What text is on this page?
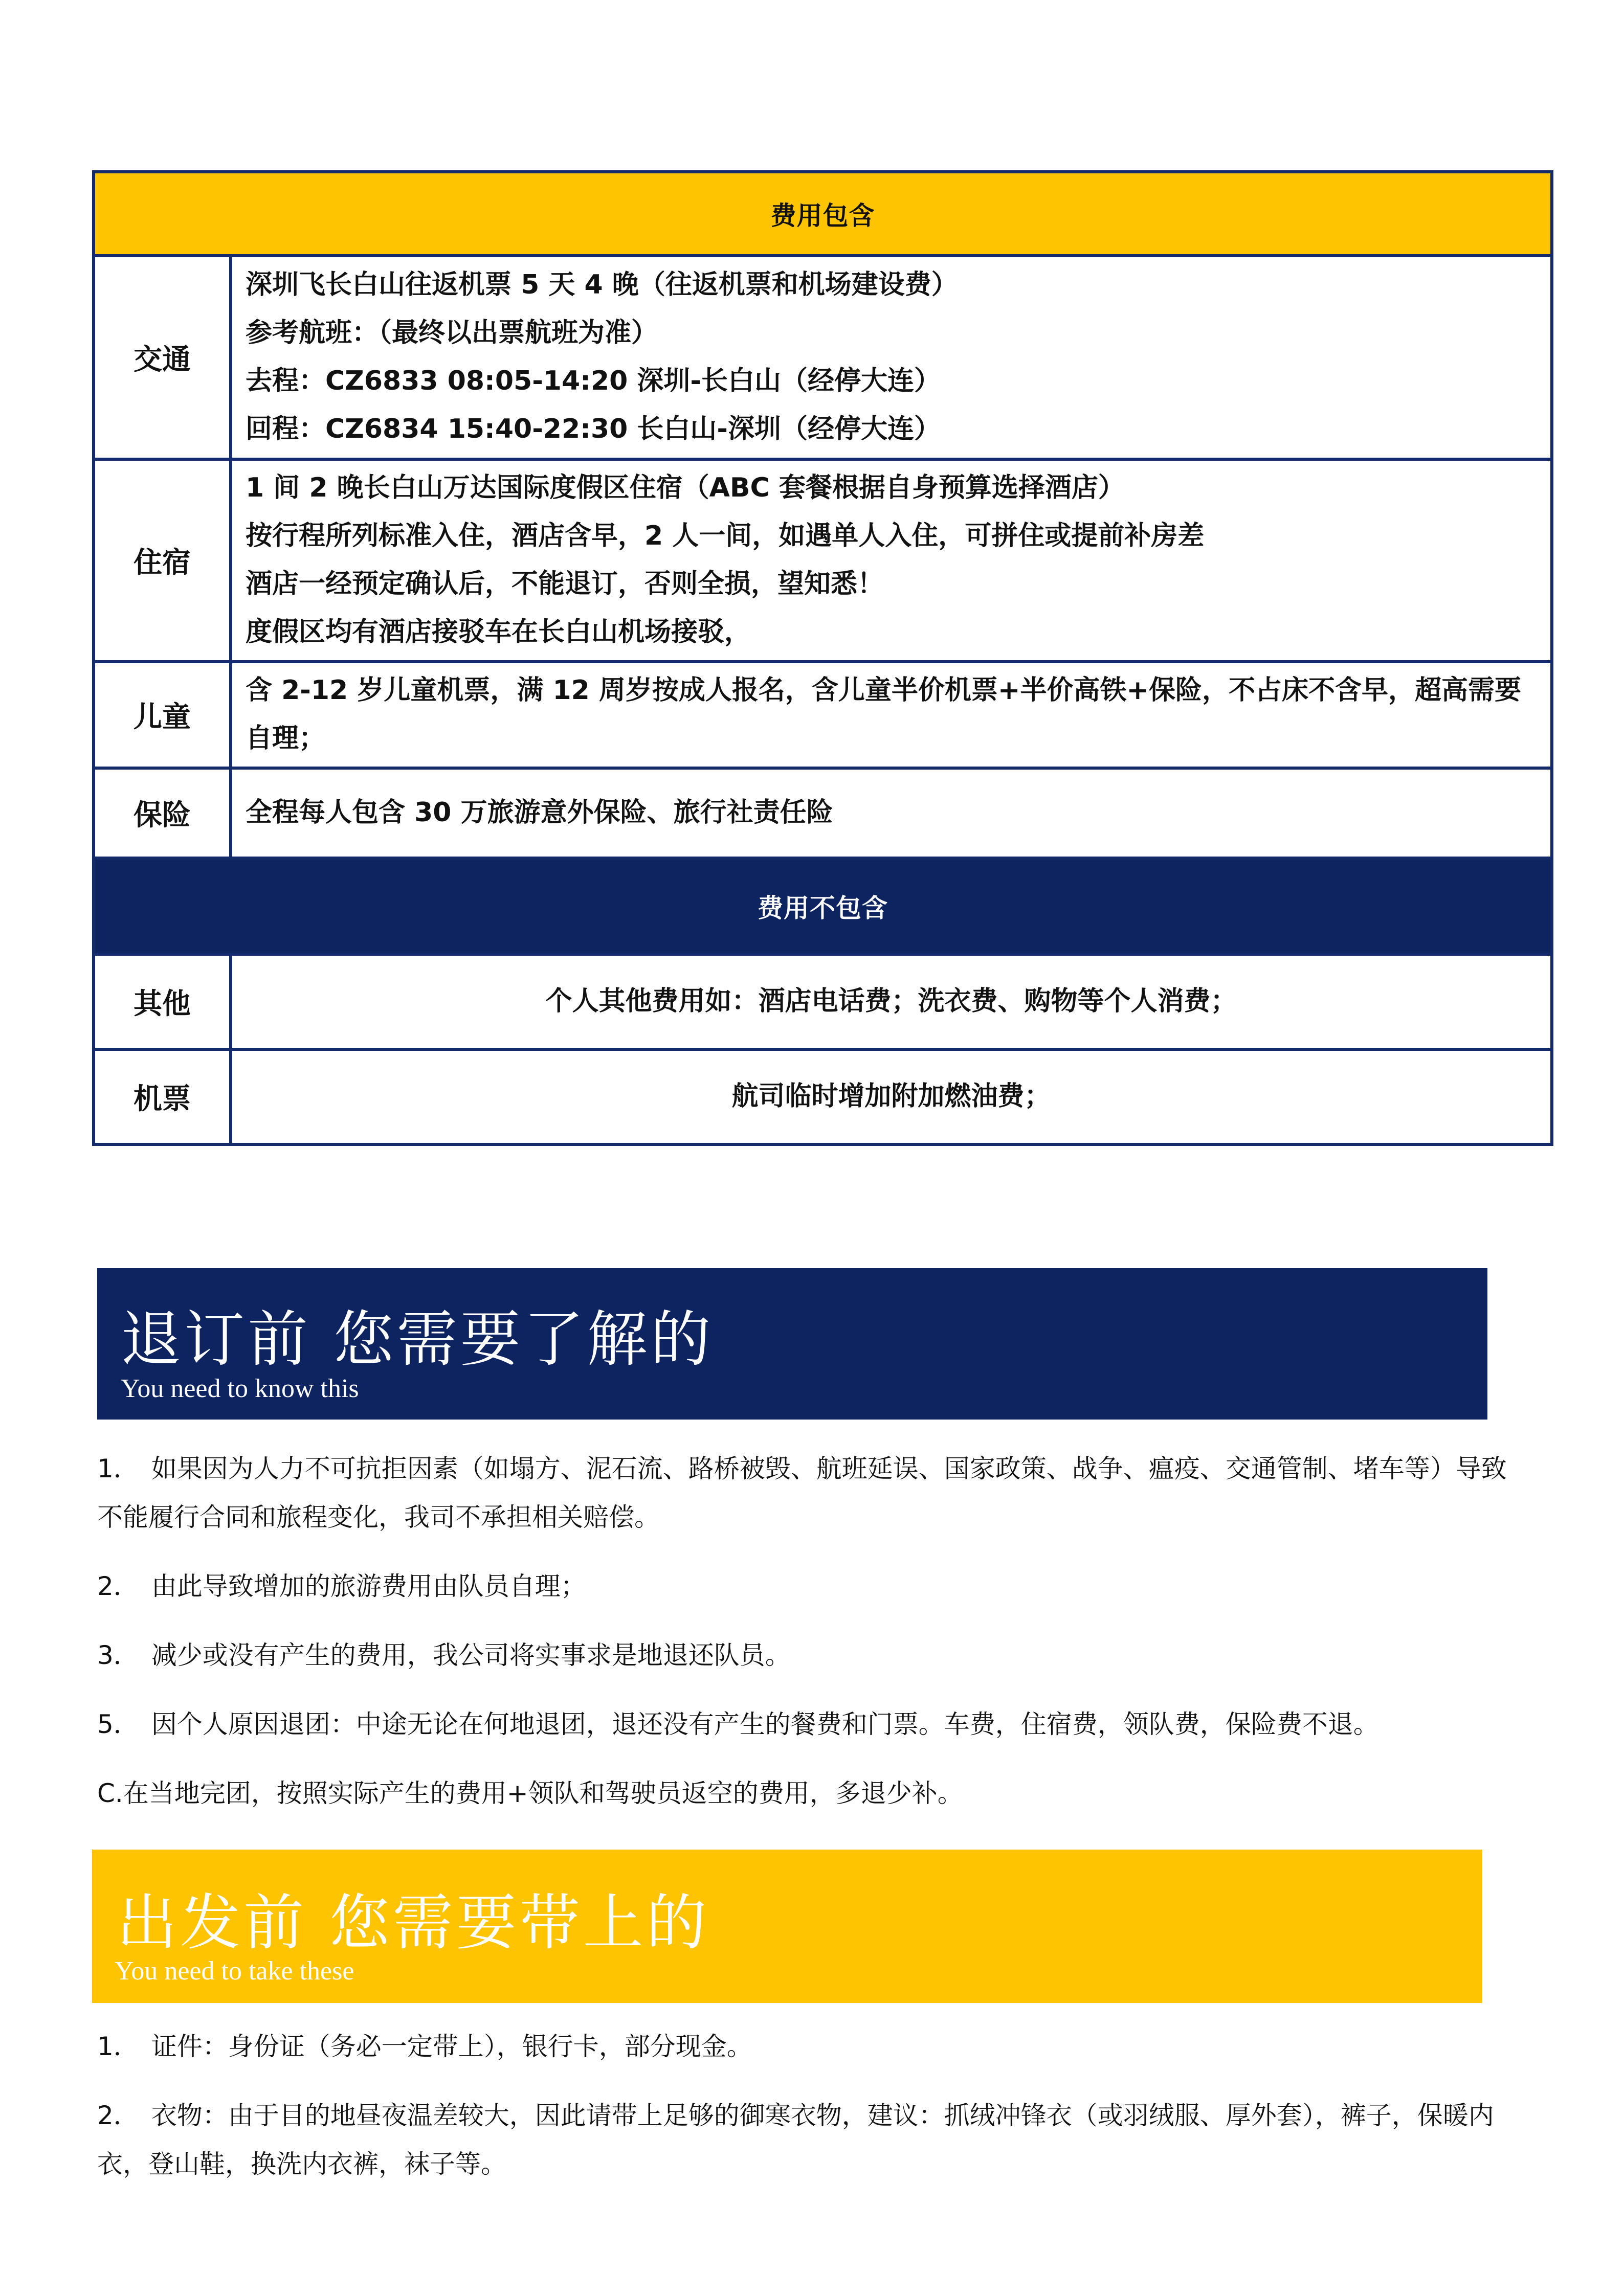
费用包含	
交通	深圳飞长白山往返机票 5 天 4 晚（往返机票和机场建设费）
参考航班：（最终以出票航班为准）
去程：CZ6833 08:05-14:20 深圳-长白山（经停大连）
回程：CZ6834 15:40-22:30 长白山-深圳（经停大连）

住宿	1 间 2 晚长白山万达国际度假区住宿（ABC 套餐根据自身预算选择酒店）
按行程所列标准入住，酒店含早，2 人一间，如遇单人入住，可拼住或提前补房差
酒店一经预定确认后，不能退订，否则全损，望知悉！
度假区均有酒店接驳车在长白山机场接驳，

儿童	含 2-12 岁儿童机票，满 12 周岁按成人报名，含儿童半价机票+半价高铁+保险，不占床不含早，超高需要自理；
保险	全程每人包含 30 万旅游意外保险、旅行社责任险
费用不包含	
其他	个人其他费用如：酒店电话费；洗衣费、购物等个人消费；
机票	航司临时增加附加燃油费；
退订前 您需要了解的
You need to know this

1． 如果因为人力不可抗拒因素（如塌方、泥石流、路桥被毁、航班延误、国家政策、战争、瘟疫、交通管制、堵车等）导致不能履行合同和旅程变化，我司不承担相关赔偿。

2． 由此导致增加的旅游费用由队员自理；

3． 减少或没有产生的费用，我公司将实事求是地退还队员。

5． 因个人原因退团：中途无论在何地退团，退还没有产生的餐费和门票。车费，住宿费，领队费，保险费不退。

C.在当地完团，按照实际产生的费用+领队和驾驶员返空的费用，多退少补。

出发前 您需要带上的
You need to take these

1． 证件：身份证（务必一定带上），银行卡，部分现金。

2． 衣物：由于目的地昼夜温差较大，因此请带上足够的御寒衣物，建议：抓绒冲锋衣（或羽绒服、厚外套），裤子，保暖内衣，登山鞋，换洗内衣裤，袜子等。
